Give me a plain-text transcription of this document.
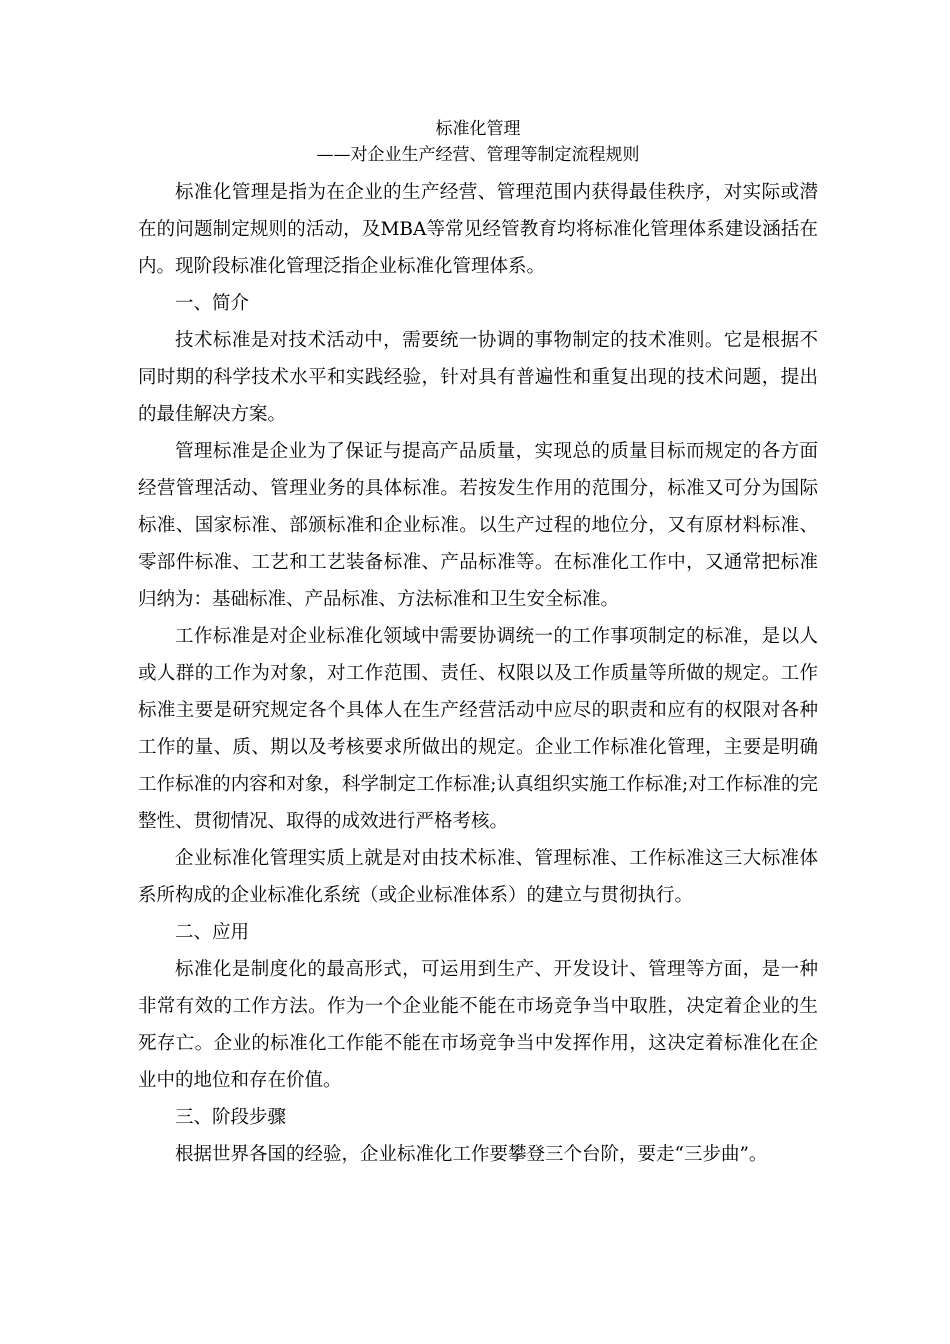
标准化管理
——对企业生产经营、管理等制定流程规则

标准化管理是指为在企业的生产经营、管理范围内获得最佳秩序，对实际或潜在的问题制定规则的活动，及MBA等常见经管教育均将标准化管理体系建设涵括在内。现阶段标准化管理泛指企业标准化管理体系。

一、简介

技术标准是对技术活动中，需要统一协调的事物制定的技术准则。它是根据不同时期的科学技术水平和实践经验，针对具有普遍性和重复出现的技术问题，提出的最佳解决方案。

管理标准是企业为了保证与提高产品质量，实现总的质量目标而规定的各方面经营管理活动、管理业务的具体标准。若按发生作用的范围分，标准又可分为国际标准、国家标准、部颁标准和企业标准。以生产过程的地位分，又有原材料标准、零部件标准、工艺和工艺装备标准、产品标准等。在标准化工作中，又通常把标准归纳为：基础标准、产品标准、方法标准和卫生安全标准。

工作标准是对企业标准化领域中需要协调统一的工作事项制定的标准，是以人或人群的工作为对象，对工作范围、责任、权限以及工作质量等所做的规定。工作标准主要是研究规定各个具体人在生产经营活动中应尽的职责和应有的权限对各种工作的量、质、期以及考核要求所做出的规定。企业工作标准化管理，主要是明确工作标准的内容和对象，科学制定工作标准;认真组织实施工作标准;对工作标准的完整性、贯彻情况、取得的成效进行严格考核。

企业标准化管理实质上就是对由技术标准、管理标准、工作标准这三大标准体系所构成的企业标准化系统（或企业标准体系）的建立与贯彻执行。

二、应用

标准化是制度化的最高形式，可运用到生产、开发设计、管理等方面，是一种非常有效的工作方法。作为一个企业能不能在市场竞争当中取胜，决定着企业的生死存亡。企业的标准化工作能不能在市场竞争当中发挥作用，这决定着标准化在企业中的地位和存在价值。

三、阶段步骤

根据世界各国的经验，企业标准化工作要攀登三个台阶，要走“三步曲”。
